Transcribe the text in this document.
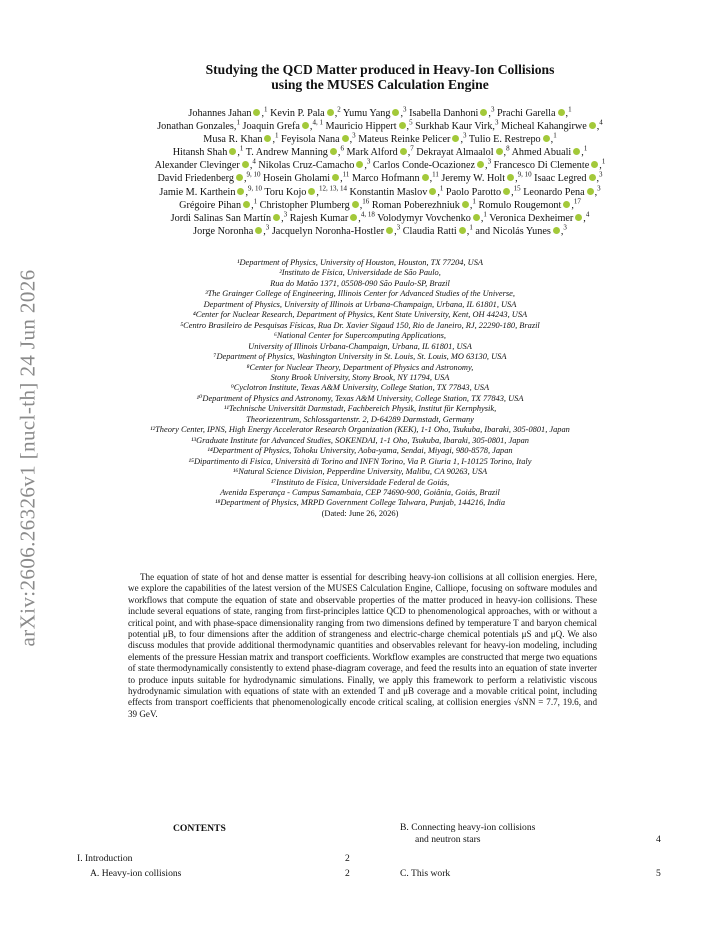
arXiv:2606.26326v1 [nucl-th] 24 Jun 2026
Studying the QCD Matter produced in Heavy-Ion Collisions
using the MUSES Calculation Engine
Johannes Jahan ,$^1$ Kevin P. Pala ,$^2$ Yumu Yang ,$^3$ Isabella Danhoni ,$^3$ Prachi Garella ,$^1$
Jonathan Gonzales,$^1$ Joaquin Grefa ,$^{4, 1}$ Mauricio Hippert ,$^5$ Surkhab Kaur Virk,$^3$ Micheal Kahangirwe ,$^4$
Musa R. Khan ,$^1$ Feyisola Nana ,$^3$ Mateus Reinke Pelicer ,$^3$ Tulio E. Restrepo ,$^1$
Hitansh Shah ,$^1$ T. Andrew Manning ,$^6$ Mark Alford ,$^7$ Dekrayat Almaalol ,$^8$ Ahmed Abuali ,$^1$
Alexander Clevinger ,$^4$ Nikolas Cruz-Camacho ,$^3$ Carlos Conde-Ocazionez ,$^3$ Francesco Di Clemente ,$^1$
David Friedenberg ,$^{9, 10}$ Hosein Gholami ,$^{11}$ Marco Hofmann ,$^{11}$ Jeremy W. Holt ,$^{9, 10}$ Isaac Legred ,$^3$
Jamie M. Karthein ,$^{9, 10}$ Toru Kojo ,$^{12, 13, 14}$ Konstantin Maslov ,$^1$ Paolo Parotto ,$^{15}$ Leonardo Pena ,$^3$
Grégoire Pihan ,$^1$ Christopher Plumberg ,$^{16}$ Roman Poberezhniuk ,$^1$ Romulo Rougemont ,$^{17}$
Jordi Salinas San Martín ,$^3$ Rajesh Kumar ,$^{4, 18}$ Volodymyr Vovchenko ,$^1$ Veronica Dexheimer ,$^4$
Jorge Noronha ,$^3$ Jacquelyn Noronha-Hostler ,$^3$ Claudia Ratti ,$^1$ and Nicolás Yunes ,$^3$
¹Department of Physics, University of Houston, Houston, TX 77204, USA
²Instituto de Física, Universidade de São Paulo,
Rua do Matão 1371, 05508-090 São Paulo-SP, Brazil
³The Grainger College of Engineering, Illinois Center for Advanced Studies of the Universe,
Department of Physics, University of Illinois at Urbana-Champaign, Urbana, IL 61801, USA
⁴Center for Nuclear Research, Department of Physics, Kent State University, Kent, OH 44243, USA
⁵Centro Brasileiro de Pesquisas Físicas, Rua Dr. Xavier Sigaud 150, Rio de Janeiro, RJ, 22290-180, Brazil
⁶National Center for Supercomputing Applications,
University of Illinois Urbana-Champaign, Urbana, IL 61801, USA
⁷Department of Physics, Washington University in St. Louis, St. Louis, MO 63130, USA
⁸Center for Nuclear Theory, Department of Physics and Astronomy,
Stony Brook University, Stony Brook, NY 11794, USA
⁹Cyclotron Institute, Texas A&M University, College Station, TX 77843, USA
¹⁰Department of Physics and Astronomy, Texas A&M University, College Station, TX 77843, USA
¹¹Technische Universität Darmstadt, Fachbereich Physik, Institut für Kernphysik,
Theoriezentrum, Schlossgartenstr. 2, D-64289 Darmstadt, Germany
¹²Theory Center, IPNS, High Energy Accelerator Research Organization (KEK), 1-1 Oho, Tsukuba, Ibaraki, 305-0801, Japan
¹³Graduate Institute for Advanced Studies, SOKENDAI, 1-1 Oho, Tsukuba, Ibaraki, 305-0801, Japan
¹⁴Department of Physics, Tohoku University, Aoba-yama, Sendai, Miyagi, 980-8578, Japan
¹⁵Dipartimento di Fisica, Università di Torino and INFN Torino, Via P. Giuria 1, I-10125 Torino, Italy
¹⁶Natural Science Division, Pepperdine University, Malibu, CA 90263, USA
¹⁷Instituto de Física, Universidade Federal de Goiás,
Avenida Esperança - Campus Samambaia, CEP 74690-900, Goiânia, Goiás, Brazil
¹⁸Department of Physics, MRPD Government College Talwara, Punjab, 144216, India
(Dated: June 26, 2026)
The equation of state of hot and dense matter is essential for describing heavy-ion collisions at all collision energies. Here, we explore the capabilities of the latest version of the MUSES Calculation Engine, Calliope, focusing on software modules and workflows that compute the equation of state and observable properties of the matter produced in heavy-ion collisions. These include several equations of state, ranging from first-principles lattice QCD to phenomenological approaches, with or without a critical point, and with phase-space dimensionality ranging from two dimensions defined by temperature T and baryon chemical potential μB, to four dimensions after the addition of strangeness and electric-charge chemical potentials μS and μQ. We also discuss modules that provide additional thermodynamic quantities and observables relevant for heavy-ion modeling, including elements of the pressure Hessian matrix and transport coefficients. Workflow examples are constructed that merge two equations of state thermodynamically consistently to extend phase-diagram coverage, and feed the results into an equation of state inverter to produce inputs suitable for hydrodynamic simulations. Finally, we apply this framework to perform a relativistic viscous hydrodynamic simulation with equations of state with an extended T and μB coverage and a movable critical point, including effects from transport coefficients that phenomenologically encode critical scaling, at collision energies √sNN = 7.7, 19.6, and 39 GeV.
CONTENTS
I. Introduction	2
A. Heavy-ion collisions	2
B. Connecting heavy-ion collisions
and neutron stars	4
C. This work	5
